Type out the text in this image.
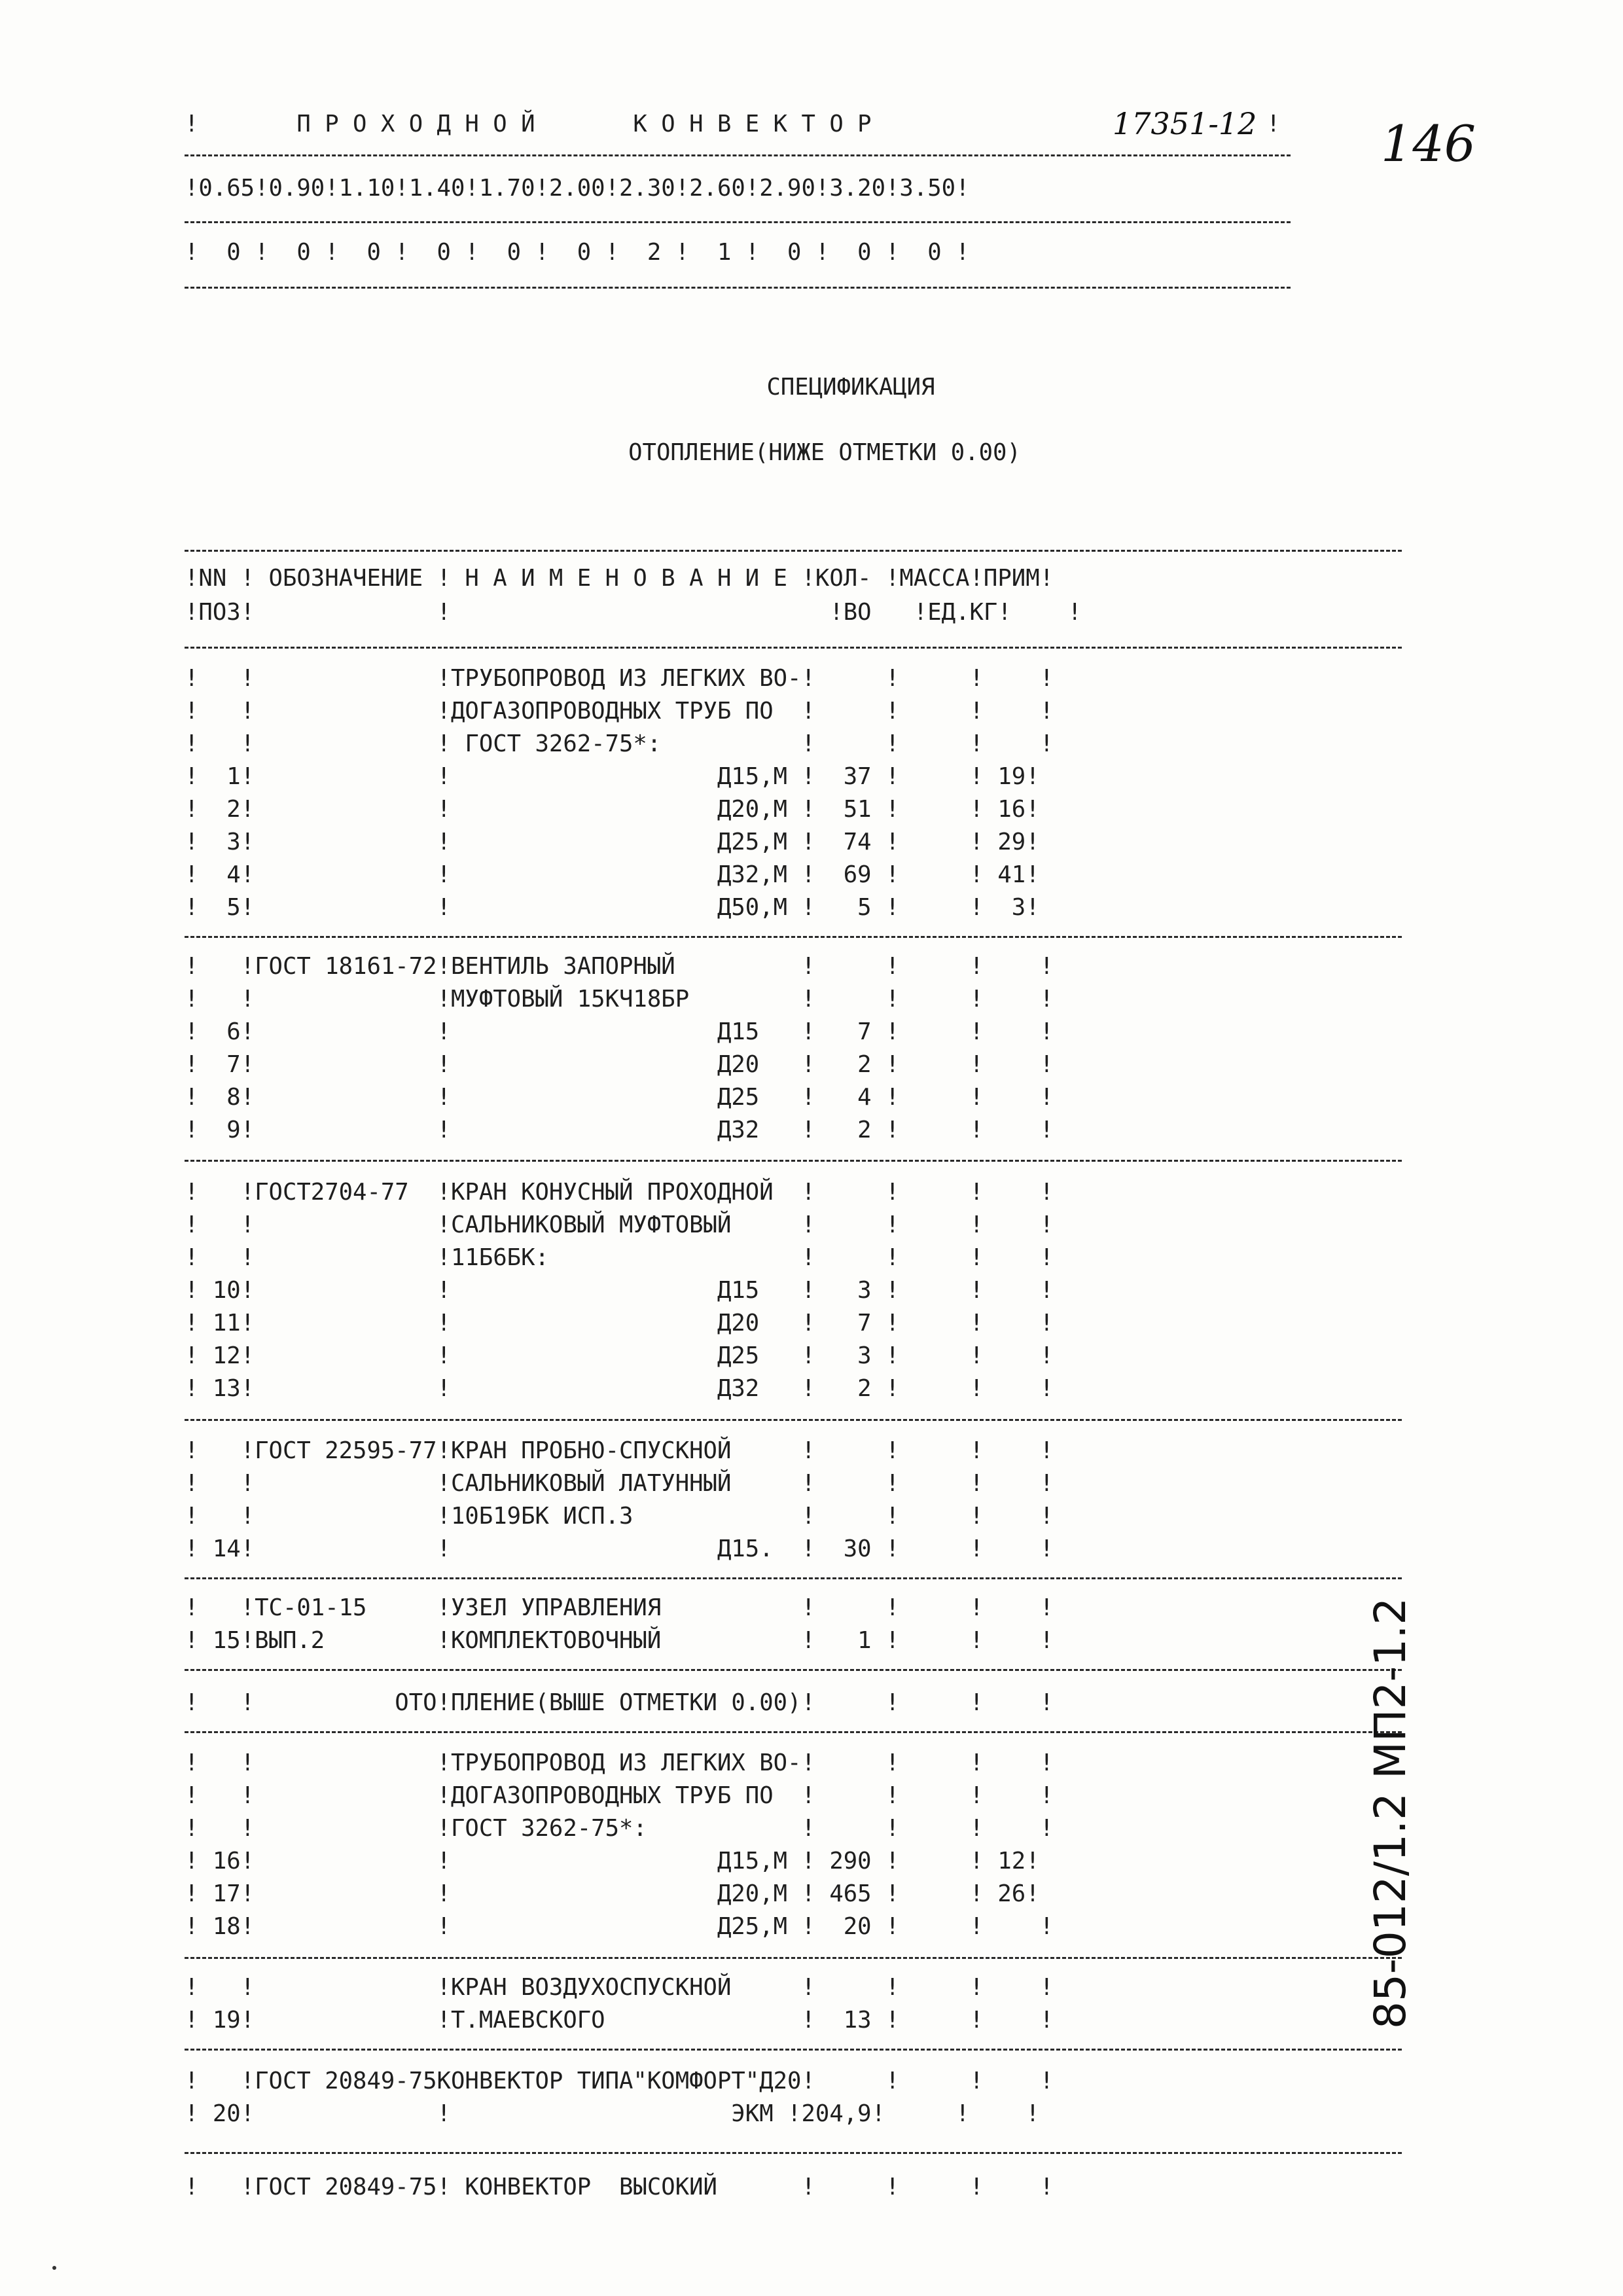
!       П Р О Х О Д Н О Й       К О Н В Е К Т О Р	17351-12 ! 146
!0.65!0.90!1.10!1.40!1.70!2.00!2.30!2.60!2.90!3.20!3.50!
!  0 !  0 !  0 !  0 !  0 !  0 !  2 !  1 !  0 !  0 !  0 !
СПЕЦИФИКАЦИЯ
ОТОПЛЕНИЕ(НИЖЕ ОТМЕТКИ 0.00)
!NN ! ОБОЗНАЧЕНИЕ ! Н А И М Е Н О В А Н И Е !КОЛ- !МАССА!ПРИМ!
!ПОЗ!             !                           !ВО   !ЕД.КГ!    !
!   !             !ТРУБОПРОВОД ИЗ ЛЕГКИХ ВО-!     !     !    !
!   !             !ДОГАЗОПРОВОДНЫХ ТРУБ ПО  !     !     !    !
!   !             ! ГОСТ 3262-75*:          !     !     !    !
!  1!             !                   Д15,М !  37 !     ! 19!
!  2!             !                   Д20,М !  51 !     ! 16!
!  3!             !                   Д25,М !  74 !     ! 29!
!  4!             !                   Д32,М !  69 !     ! 41!
!  5!             !                   Д50,М !   5 !     !  3!
!   !ГОСТ 18161-72!ВЕНТИЛЬ ЗАПОРНЫЙ         !     !     !    !
!   !             !МУФТОВЫЙ 15КЧ18БР        !     !     !    !
!  6!             !                   Д15   !   7 !     !    !
!  7!             !                   Д20   !   2 !     !    !
!  8!             !                   Д25   !   4 !     !    !
!  9!             !                   Д32   !   2 !     !    !
!   !ГОСТ2704-77  !КРАН КОНУСНЫЙ ПРОХОДНОЙ  !     !     !    !
!   !             !САЛЬНИКОВЫЙ МУФТОВЫЙ     !     !     !    !
!   !             !11Б6БК:                  !     !     !    !
! 10!             !                   Д15   !   3 !     !    !
! 11!             !                   Д20   !   7 !     !    !
! 12!             !                   Д25   !   3 !     !    !
! 13!             !                   Д32   !   2 !     !    !
!   !ГОСТ 22595-77!КРАН ПРОБНО-СПУСКНОЙ     !     !     !    !
!   !             !САЛЬНИКОВЫЙ ЛАТУННЫЙ     !     !     !    !
!   !             !10Б19БК ИСП.3            !     !     !    !
! 14!             !                   Д15.  !  30 !     !    !
!   !ТС-01-15     !УЗЕЛ УПРАВЛЕНИЯ          !     !     !    !
! 15!ВЫП.2        !КОМПЛЕКТОВОЧНЫЙ          !   1 !     !    !
!   !          ОТО!ПЛЕНИЕ(ВЫШЕ ОТМЕТКИ 0.00)!     !     !    !
!   !             !ТРУБОПРОВОД ИЗ ЛЕГКИХ ВО-!     !     !    !
!   !             !ДОГАЗОПРОВОДНЫХ ТРУБ ПО  !     !     !    !
!   !             !ГОСТ 3262-75*:           !     !     !    !
! 16!             !                   Д15,М ! 290 !     ! 12!
! 17!             !                   Д20,М ! 465 !     ! 26!
! 18!             !                   Д25,М !  20 !     !    !
!   !             !КРАН ВОЗДУХОСПУСКНОЙ     !     !     !    !
! 19!             !Т.МАЕВСКОГО              !  13 !     !    !
!   !ГОСТ 20849-75КОНВЕКТОР ТИПА"КОМФОРТ"Д20!     !     !    !
! 20!             !                    ЭКМ !204,9!     !    !
!   !ГОСТ 20849-75! КОНВЕКТОР  ВЫСОКИЙ      !     !     !    !
85-012/1.2 МП2-1.2
